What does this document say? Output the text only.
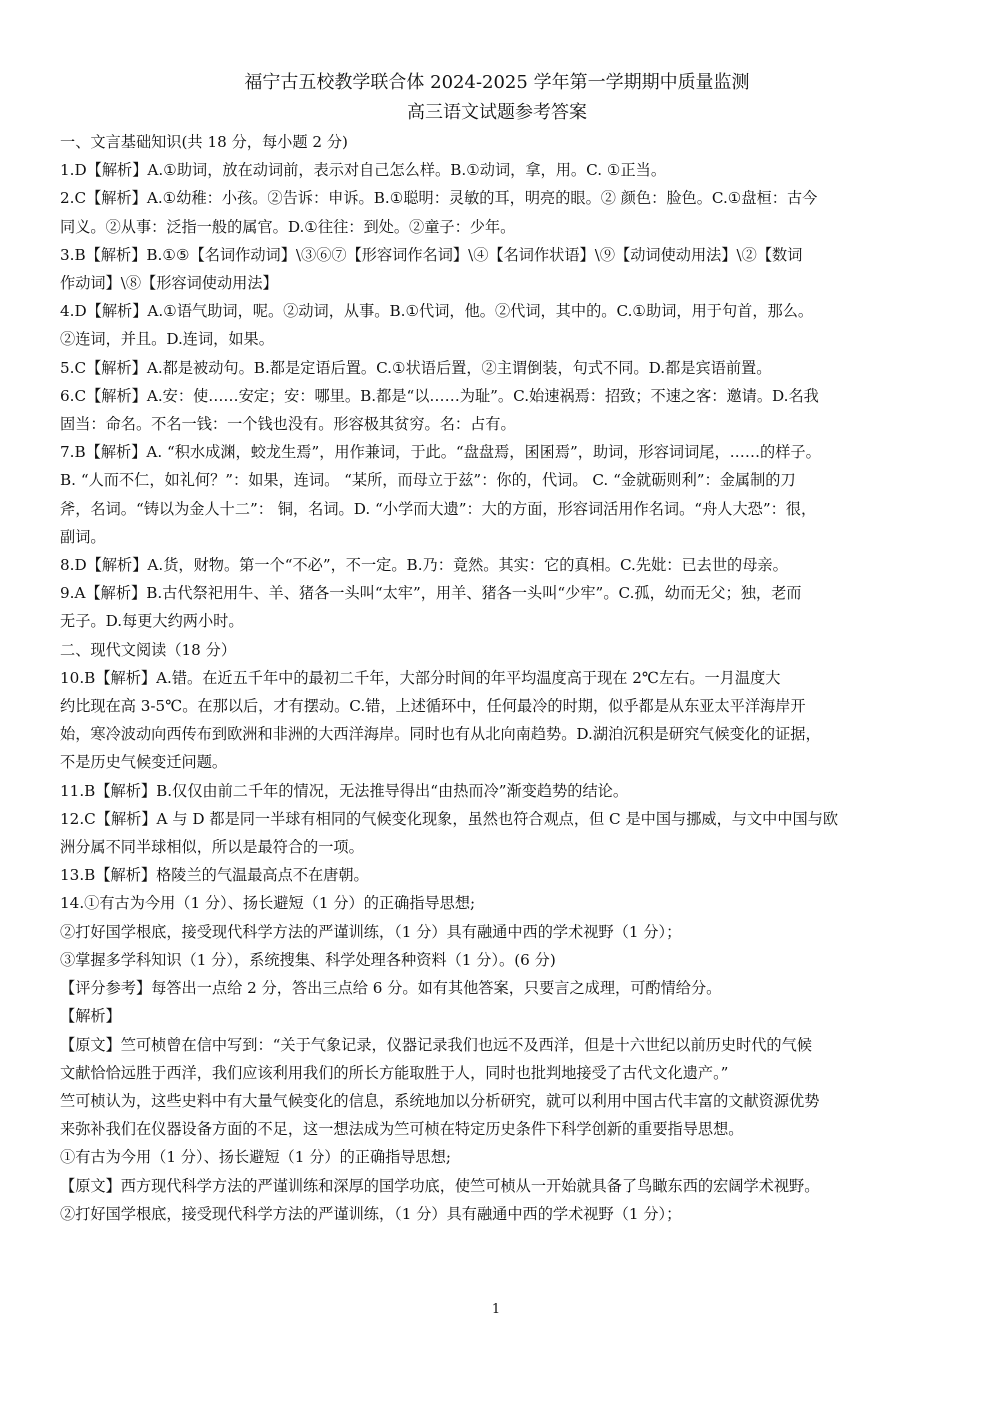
福宁古五校教学联合体 2024-2025 学年第一学期期中质量监测

高三语文试题参考答案

一、文言基础知识(共 18 分，每小题 2 分)

1.D【解析】A.①助词，放在动词前，表示对自己怎么样。B.①动词，拿，用。C. ①正当。

2.C【解析】A.①幼稚：小孩。②告诉：申诉。B.①聪明：灵敏的耳，明亮的眼。② 颜色：脸色。C.①盘桓：古今

同义。②从事：泛指一般的属官。D.①往往：到处。②童子：少年。

3.B【解析】B.①⑤【名词作动词】\③⑥⑦【形容词作名词】\④【名词作状语】\⑨【动词使动用法】\②【数词

作动词】\⑧【形容词使动用法】

4.D【解析】A.①语气助词，呢。②动词，从事。B.①代词，他。②代词，其中的。C.①助词，用于句首，那么。

②连词，并且。D.连词，如果。

5.C【解析】A.都是被动句。B.都是定语后置。C.①状语后置，②主谓倒装，句式不同。D.都是宾语前置。

6.C【解析】A.安：使……安定；安：哪里。B.都是“以……为耻”。C.始速祸焉：招致；不速之客：邀请。D.名我

固当：命名。不名一钱：一个钱也没有。形容极其贫穷。名：占有。

7.B【解析】A. “积水成渊，蛟龙生焉”，用作兼词，于此。“盘盘焉，囷囷焉”，助词，形容词词尾，……的样子。

B. “人而不仁，如礼何？”：如果，连词。 “某所，而母立于兹”：你的，代词。 C. “金就砺则利”：金属制的刀

斧，名词。“铸以为金人十二”： 铜，名词。D. “小学而大遗”：大的方面，形容词活用作名词。“舟人大恐”：很，

副词。

8.D【解析】A.货，财物。第一个“不必”，不一定。B.乃：竟然。其实：它的真相。C.先妣：已去世的母亲。

9.A【解析】B.古代祭祀用牛、羊、猪各一头叫“太牢”，用羊、猪各一头叫“少牢”。C.孤，幼而无父；独，老而

无子。D.每更大约两小时。

二、现代文阅读（18 分）

10.B【解析】A.错。在近五千年中的最初二千年，大部分时间的年平均温度高于现在 2℃左右。一月温度大

约比现在高 3-5℃。在那以后，才有摆动。C.错，上述循环中，任何最冷的时期，似乎都是从东亚太平洋海岸开

始，寒冷波动向西传布到欧洲和非洲的大西洋海岸。同时也有从北向南趋势。D.湖泊沉积是研究气候变化的证据，

不是历史气候变迁问题。

11.B【解析】B.仅仅由前二千年的情况，无法推导得出“由热而冷”渐变趋势的结论。

12.C【解析】A 与 D 都是同一半球有相同的气候变化现象，虽然也符合观点，但 C 是中国与挪威，与文中中国与欧

洲分属不同半球相似，所以是最符合的一项。

13.B【解析】格陵兰的气温最高点不在唐朝。

14.①有古为今用（1 分）、扬长避短（1 分）的正确指导思想;

②打好国学根底，接受现代科学方法的严谨训练，（1 分）具有融通中西的学术视野（1 分）；

③掌握多学科知识（1 分），系统搜集、科学处理各种资料（1 分）。(6 分)

【评分参考】每答出一点给 2 分，答出三点给 6 分。如有其他答案，只要言之成理，可酌情给分。

【解析】

【原文】竺可桢曾在信中写到：“关于气象记录，仪器记录我们也远不及西洋，但是十六世纪以前历史时代的气候

文献恰恰远胜于西洋，我们应该利用我们的所长方能取胜于人，同时也批判地接受了古代文化遗产。”

竺可桢认为，这些史料中有大量气候变化的信息，系统地加以分析研究，就可以利用中国古代丰富的文献资源优势

来弥补我们在仪器设备方面的不足，这一想法成为竺可桢在特定历史条件下科学创新的重要指导思想。

①有古为今用（1 分）、扬长避短（1 分）的正确指导思想;

【原文】西方现代科学方法的严谨训练和深厚的国学功底，使竺可桢从一开始就具备了鸟瞰东西的宏阔学术视野。

②打好国学根底，接受现代科学方法的严谨训练，（1 分）具有融通中西的学术视野（1 分）；

1
